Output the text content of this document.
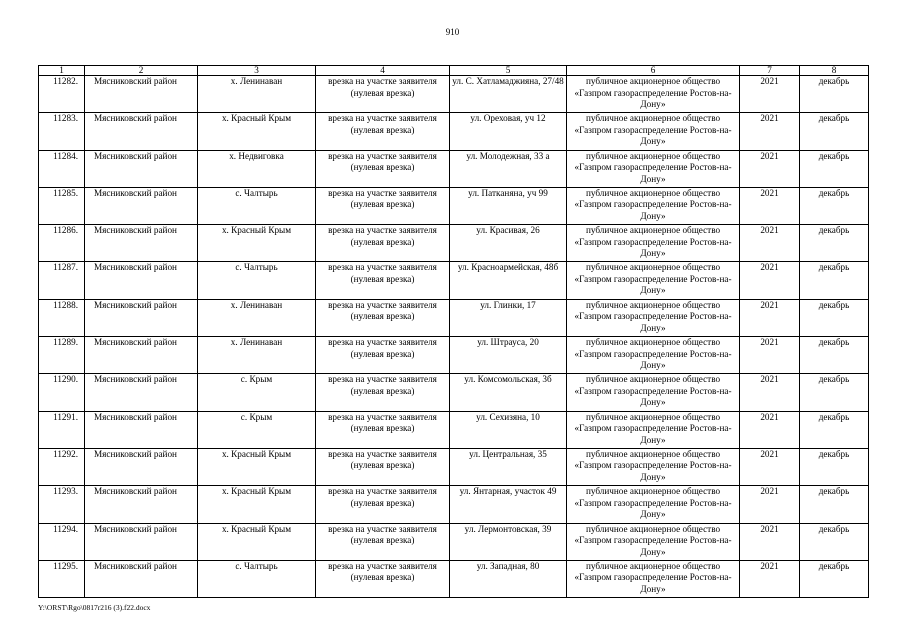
910
1	2	3	4	5	6	7	8
11282.	Мясниковский район	х. Ленинаван	врезка на участке заявителя (нулевая врезка)	ул. С. Хатламаджияна, 27/48	публичное акционерное общество «Газпром газораспределение Ростов-на-Дону»	2021	декабрь
11283.	Мясниковский район	х. Красный Крым	врезка на участке заявителя (нулевая врезка)	ул. Ореховая, уч 12	публичное акционерное общество «Газпром газораспределение Ростов-на-Дону»	2021	декабрь
11284.	Мясниковский район	х. Недвиговка	врезка на участке заявителя (нулевая врезка)	ул. Молодежная, 33 а	публичное акционерное общество «Газпром газораспределение Ростов-на-Дону»	2021	декабрь
11285.	Мясниковский район	с. Чалтырь	врезка на участке заявителя (нулевая врезка)	ул. Патканяна, уч 99	публичное акционерное общество «Газпром газораспределение Ростов-на-Дону»	2021	декабрь
11286.	Мясниковский район	х. Красный Крым	врезка на участке заявителя (нулевая врезка)	ул. Красивая, 26	публичное акционерное общество «Газпром газораспределение Ростов-на-Дону»	2021	декабрь
11287.	Мясниковский район	с. Чалтырь	врезка на участке заявителя (нулевая врезка)	ул. Красноармейская, 48б	публичное акционерное общество «Газпром газораспределение Ростов-на-Дону»	2021	декабрь
11288.	Мясниковский район	х. Ленинаван	врезка на участке заявителя (нулевая врезка)	ул. Глинки, 17	публичное акционерное общество «Газпром газораспределение Ростов-на-Дону»	2021	декабрь
11289.	Мясниковский район	х. Ленинаван	врезка на участке заявителя (нулевая врезка)	ул. Штрауса, 20	публичное акционерное общество «Газпром газораспределение Ростов-на-Дону»	2021	декабрь
11290.	Мясниковский район	с. Крым	врезка на участке заявителя (нулевая врезка)	ул. Комсомольская, 3б	публичное акционерное общество «Газпром газораспределение Ростов-на-Дону»	2021	декабрь
11291.	Мясниковский район	с. Крым	врезка на участке заявителя (нулевая врезка)	ул. Сехизяна, 10	публичное акционерное общество «Газпром газораспределение Ростов-на-Дону»	2021	декабрь
11292.	Мясниковский район	х. Красный Крым	врезка на участке заявителя (нулевая врезка)	ул. Центральная, 35	публичное акционерное общество «Газпром газораспределение Ростов-на-Дону»	2021	декабрь
11293.	Мясниковский район	х. Красный Крым	врезка на участке заявителя (нулевая врезка)	ул. Янтарная, участок 49	публичное акционерное общество «Газпром газораспределение Ростов-на-Дону»	2021	декабрь
11294.	Мясниковский район	х. Красный Крым	врезка на участке заявителя (нулевая врезка)	ул. Лермонтовская, 39	публичное акционерное общество «Газпром газораспределение Ростов-на-Дону»	2021	декабрь
11295.	Мясниковский район	с. Чалтырь	врезка на участке заявителя (нулевая врезка)	ул. Западная, 80	публичное акционерное общество «Газпром газораспределение Ростов-на-Дону»	2021	декабрь
Y:\ORST\Rgo\0817r216 (3).f22.docx
